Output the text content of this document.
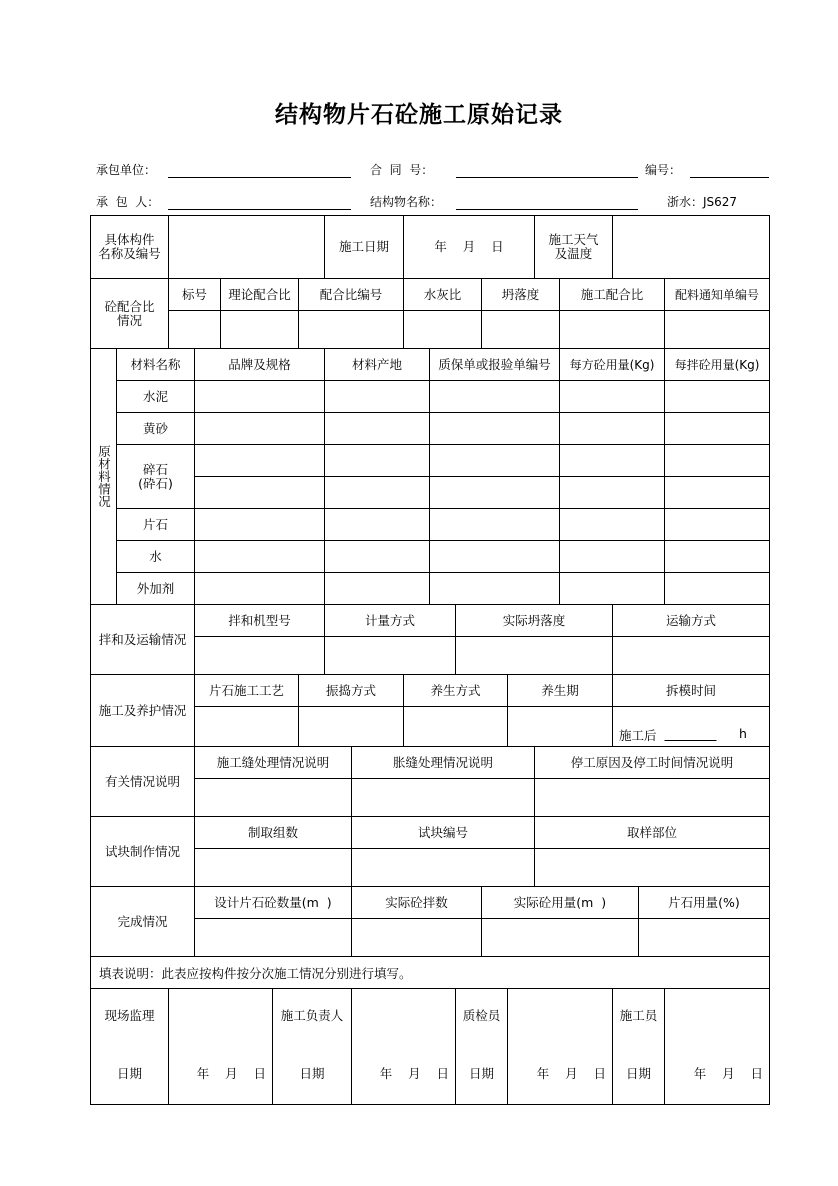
结构物片石砼施工原始记录
承包单位：	合  同  号：	编号：
承  包  人：	结构物名称：	浙水：JS627
具体构件
名称及编号	施工日期	年    月    日	施工天气
及温度
砼配合比
情况
标号	理论配合比	配合比编号	水灰比	坍落度	施工配合比	配料通知单编号
原材料情况
材料名称	品牌及规格	材料产地	质保单或报验单编号	每方砼用量(Kg)	每拌砼用量(Kg)
水泥
黄砂
碎石
(砕石)
片石
水
外加剂
拌和及运输情况
拌和机型号	计量方式	实际坍落度	运输方式
施工及养护情况
片石施工工艺	振捣方式	养生方式	养生期	拆模时间
施工后	h
有关情况说明
施工缝处理情况说明	胀缝处理情况说明	停工原因及停工时间情况说明
试块制作情况
制取组数	试块编号	取样部位
完成情况
设计片石砼数量(m  )	实际砼拌数	实际砼用量(m  )	片石用量(%)
填表说明：此表应按构件按分次施工情况分别进行填写。
现场监理	施工负责人	质检员	施工员
日期	年    月    日	日期	年    月    日	日期	年    月    日	日期	年    月    日
